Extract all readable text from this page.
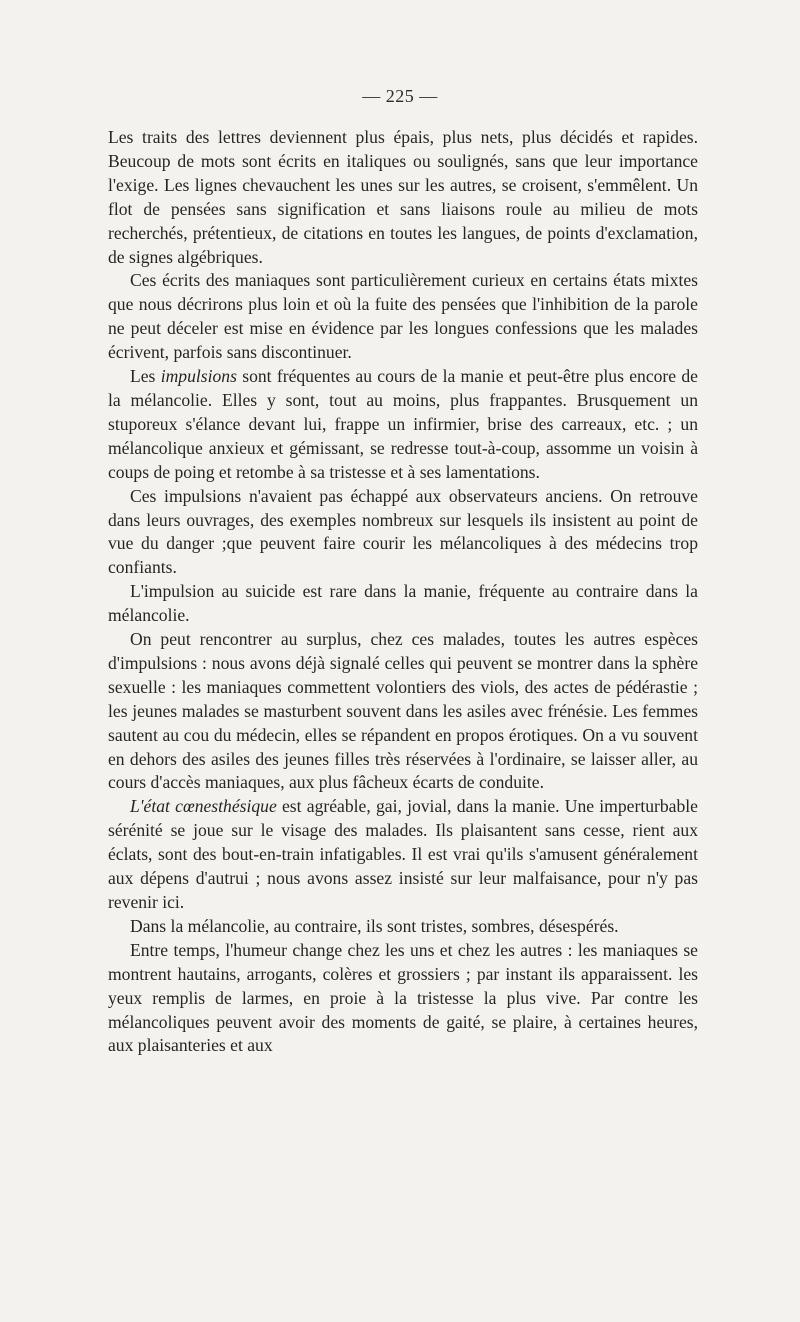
— 225 —

Les traits des lettres deviennent plus épais, plus nets, plus décidés et rapides. Beucoup de mots sont écrits en italiques ou soulignés, sans que leur importance l'exige. Les lignes chevauchent les unes sur les autres, se croisent, s'emmêlent. Un flot de pensées sans signification et sans liaisons roule au milieu de mots recherchés, prétentieux, de citations en toutes les langues, de points d'exclamation, de signes algébriques.

Ces écrits des maniaques sont particulièrement curieux en certains états mixtes que nous décrirons plus loin et où la fuite des pensées que l'inhibition de la parole ne peut déceler est mise en évidence par les longues confessions que les malades écrivent, parfois sans discontinuer.

Les impulsions sont fréquentes au cours de la manie et peut-être plus encore de la mélancolie. Elles y sont, tout au moins, plus frappantes. Brusquement un stuporeux s'élance devant lui, frappe un infirmier, brise des carreaux, etc. ; un mélancolique anxieux et gémissant, se redresse tout-à-coup, assomme un voisin à coups de poing et retombe à sa tristesse et à ses lamentations.

Ces impulsions n'avaient pas échappé aux observateurs anciens. On retrouve dans leurs ouvrages, des exemples nombreux sur lesquels ils insistent au point de vue du danger ;que peuvent faire courir les mélancoliques à des médecins trop confiants.

L'impulsion au suicide est rare dans la manie, fréquente au contraire dans la mélancolie.

On peut rencontrer au surplus, chez ces malades, toutes les autres espèces d'impulsions : nous avons déjà signalé celles qui peuvent se montrer dans la sphère sexuelle : les maniaques commettent volontiers des viols, des actes de pédérastie ; les jeunes malades se masturbent souvent dans les asiles avec frénésie. Les femmes sautent au cou du médecin, elles se répandent en propos érotiques. On a vu souvent en dehors des asiles des jeunes filles très réservées à l'ordinaire, se laisser aller, au cours d'accès maniaques, aux plus fâcheux écarts de conduite.

L'état cœnesthésique est agréable, gai, jovial, dans la manie. Une imperturbable sérénité se joue sur le visage des malades. Ils plaisantent sans cesse, rient aux éclats, sont des bout-en-train infatigables. Il est vrai qu'ils s'amusent généralement aux dépens d'autrui ; nous avons assez insisté sur leur malfaisance, pour n'y pas revenir ici.

Dans la mélancolie, au contraire, ils sont tristes, sombres, désespérés.

Entre temps, l'humeur change chez les uns et chez les autres : les maniaques se montrent hautains, arrogants, colères et grossiers ; par instant ils apparaissent. les yeux remplis de larmes, en proie à la tristesse la plus vive. Par contre les mélancoliques peuvent avoir des moments de gaité, se plaire, à certaines heures, aux plaisanteries et aux
